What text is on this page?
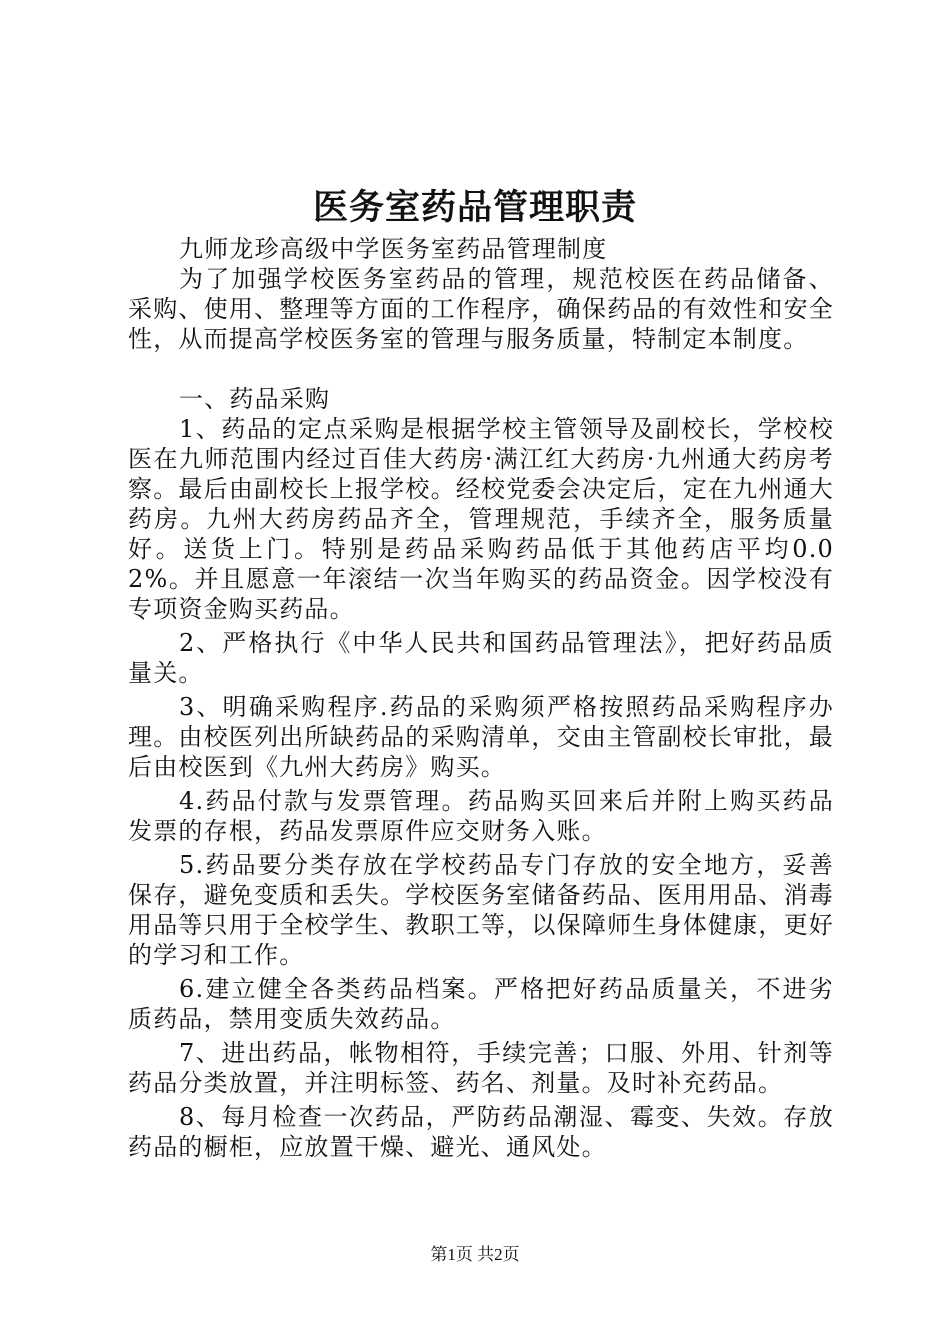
医务室药品管理职责

九师龙珍高级中学医务室药品管理制度

为了加强学校医务室药品的管理，规范校医在药品储备、采购、使用、整理等方面的工作程序，确保药品的有效性和安全性，从而提高学校医务室的管理与服务质量，特制定本制度。

一、药品采购

1、药品的定点采购是根据学校主管领导及副校长，学校校医在九师范围内经过百佳大药房·满江红大药房·九州通大药房考察。最后由副校长上报学校。经校党委会决定后，定在九州通大药房。九州大药房药品齐全，管理规范，手续齐全，服务质量好。送货上门。特别是药品采购药品低于其他药店平均0.02%。并且愿意一年滚结一次当年购买的药品资金。因学校没有专项资金购买药品。

2、严格执行《中华人民共和国药品管理法》，把好药品质量关。

3、明确采购程序.药品的采购须严格按照药品采购程序办理。由校医列出所缺药品的采购清单，交由主管副校长审批，最后由校医到《九州大药房》购买。

4.药品付款与发票管理。药品购买回来后并附上购买药品发票的存根，药品发票原件应交财务入账。

5.药品要分类存放在学校药品专门存放的安全地方，妥善保存，避免变质和丢失。学校医务室储备药品、医用用品、消毒用品等只用于全校学生、教职工等，以保障师生身体健康，更好的学习和工作。

6.建立健全各类药品档案。严格把好药品质量关，不进劣质药品，禁用变质失效药品。

7、进出药品，帐物相符，手续完善；口服、外用、针剂等药品分类放置，并注明标签、药名、剂量。及时补充药品。

8、每月检查一次药品，严防药品潮湿、霉变、失效。存放药品的橱柜，应放置干燥、避光、通风处。

第1页 共2页
